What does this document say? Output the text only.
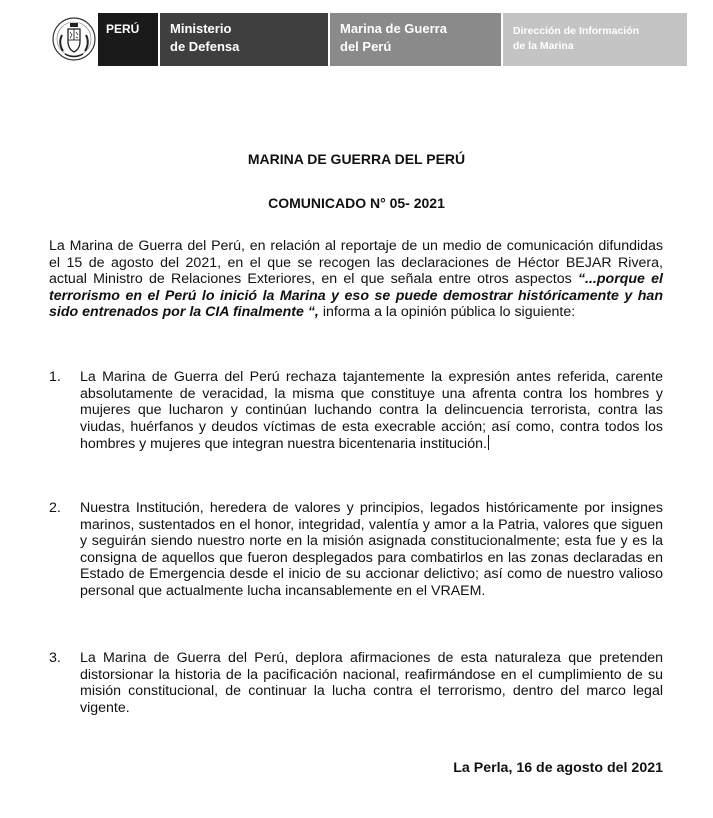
PERÚ	Ministerio
de Defensa
Marina de Guerra
del Perú
Dirección de Información
de la Marina
MARINA DE GUERRA DEL PERÚ
COMUNICADO N° 05- 2021
La Marina de Guerra del Perú, en relación al reportaje de un medio de comunicación difundidas el 15 de agosto del 2021, en el que se recogen las declaraciones de Héctor BEJAR Rivera, actual Ministro de Relaciones Exteriores, en el que señala entre otros aspectos “...porque el terrorismo en el Perú lo inició la Marina y eso se puede demostrar históricamente y han sido entrenados por la CIA finalmente “, informa a la opinión pública lo siguiente:
1.	La Marina de Guerra del Perú rechaza tajantemente la expresión antes referida, carente absolutamente de veracidad, la misma que constituye una afrenta contra los hombres y mujeres que lucharon y continúan luchando contra la delincuencia terrorista, contra las viudas, huérfanos y deudos víctimas de esta execrable acción; así como, contra todos los hombres y mujeres que integran nuestra bicentenaria institución.
2.	Nuestra Institución, heredera de valores y principios, legados históricamente por insignes marinos, sustentados en el honor, integridad, valentía y amor a la Patria, valores que siguen y seguirán siendo nuestro norte en la misión asignada constitucionalmente; esta fue y es la consigna de aquellos que fueron desplegados para combatirlos en las zonas declaradas en Estado de Emergencia desde el inicio de su accionar delictivo; así como de nuestro valioso personal que actualmente lucha incansablemente en el VRAEM.
3.	La Marina de Guerra del Perú, deplora afirmaciones de esta naturaleza que pretenden distorsionar la historia de la pacificación nacional, reafirmándose en el cumplimiento de su misión constitucional, de continuar la lucha contra el terrorismo, dentro del marco legal vigente.
La Perla, 16 de agosto del 2021
